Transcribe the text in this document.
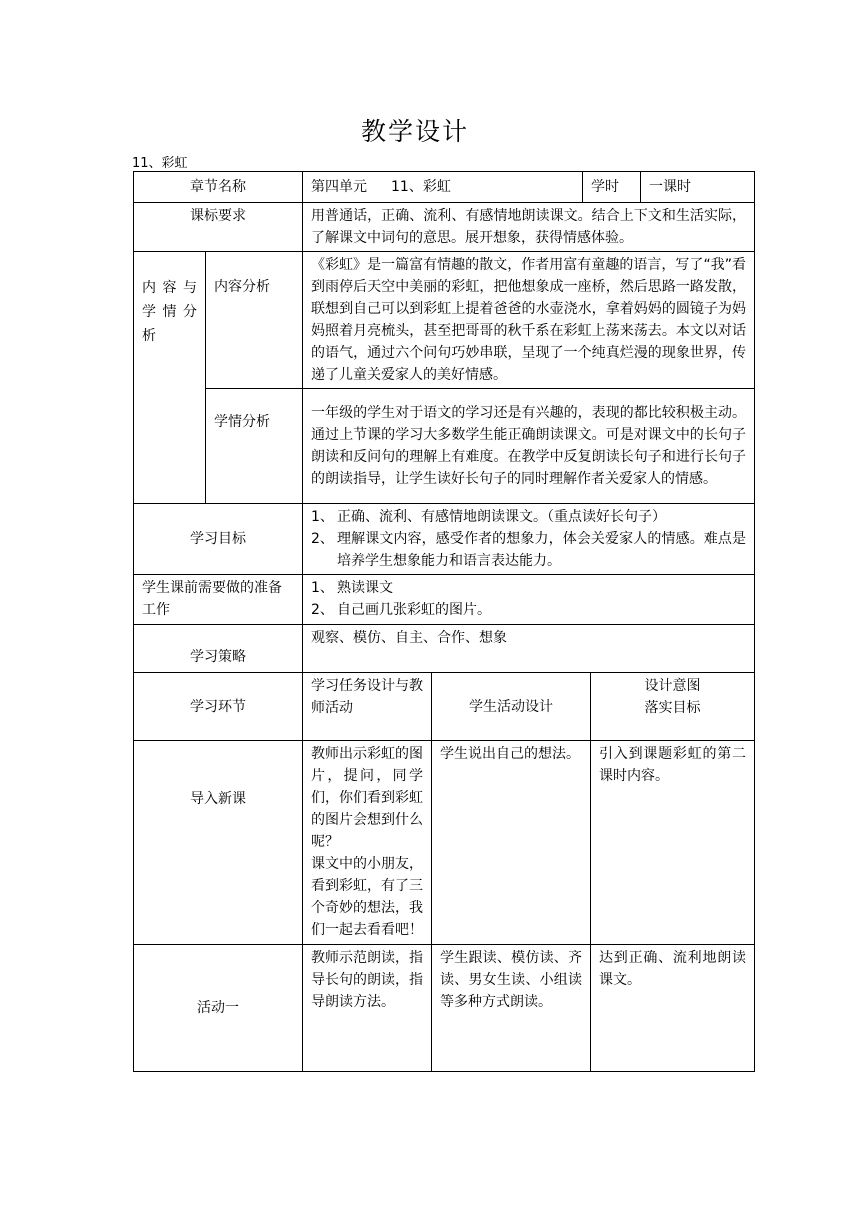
教学设计
11、彩虹
章节名称		第四单元 11、彩虹		学时		一课时
课标要求		用普通话，正确、流利、有感情地朗读课文。结合上下文和生活实际，了解课文中词句的意思。展开想象，获得情感体验。				
内容与学情分析	内容分析	《彩虹》是一篇富有情趣的散文，作者用富有童趣的语言，写了“我”看到雨停后天空中美丽的彩虹，把他想象成一座桥，然后思路一路发散，联想到自己可以到彩虹上提着爸爸的水壶浇水，拿着妈妈的圆镜子为妈妈照着月亮梳头，甚至把哥哥的秋千系在彩虹上荡来荡去。本文以对话的语气，通过六个问句巧妙串联，呈现了一个纯真烂漫的现象世界，传递了儿童关爱家人的美好情感。				
	学情分析	一年级的学生对于语文的学习还是有兴趣的，表现的都比较积极主动。通过上节课的学习大多数学生能正确朗读课文。可是对课文中的长句子朗读和反问句的理解上有难度。在教学中反复朗读长句子和进行长句子的朗读指导，让学生读好长句子的同时理解作者关爱家人的情感。				
学习目标		1、 正确、流利、有感情地朗读课文。（重点读好长句子）
2、 理解课文内容，感受作者的想象力，体会关爱家人的情感。难点是培养学生想象能力和语言表达能力。				

学生课前需要做的准备工作		1、 熟读课文
2、 自己画几张彩虹的图片。				

学习策略		观察、模仿、自主、合作、想象				
学习环节		学习任务设计与教师活动	学生活动设计		设计意图
落实目标	

导入新课		教师出示彩虹的图片，提问，同学们，你们看到彩虹的图片会想到什么呢？
课文中的小朋友，看到彩虹，有了三个奇妙的想法，我们一起去看看吧！	学生说出自己的想法。		引入到课题彩虹的第二课时内容。	
活动一		教师示范朗读，指导长句的朗读，指导朗读方法。	学生跟读、模仿读、齐读、男女生读、小组读等多种方式朗读。		达到正确、流利地朗读课文。	
